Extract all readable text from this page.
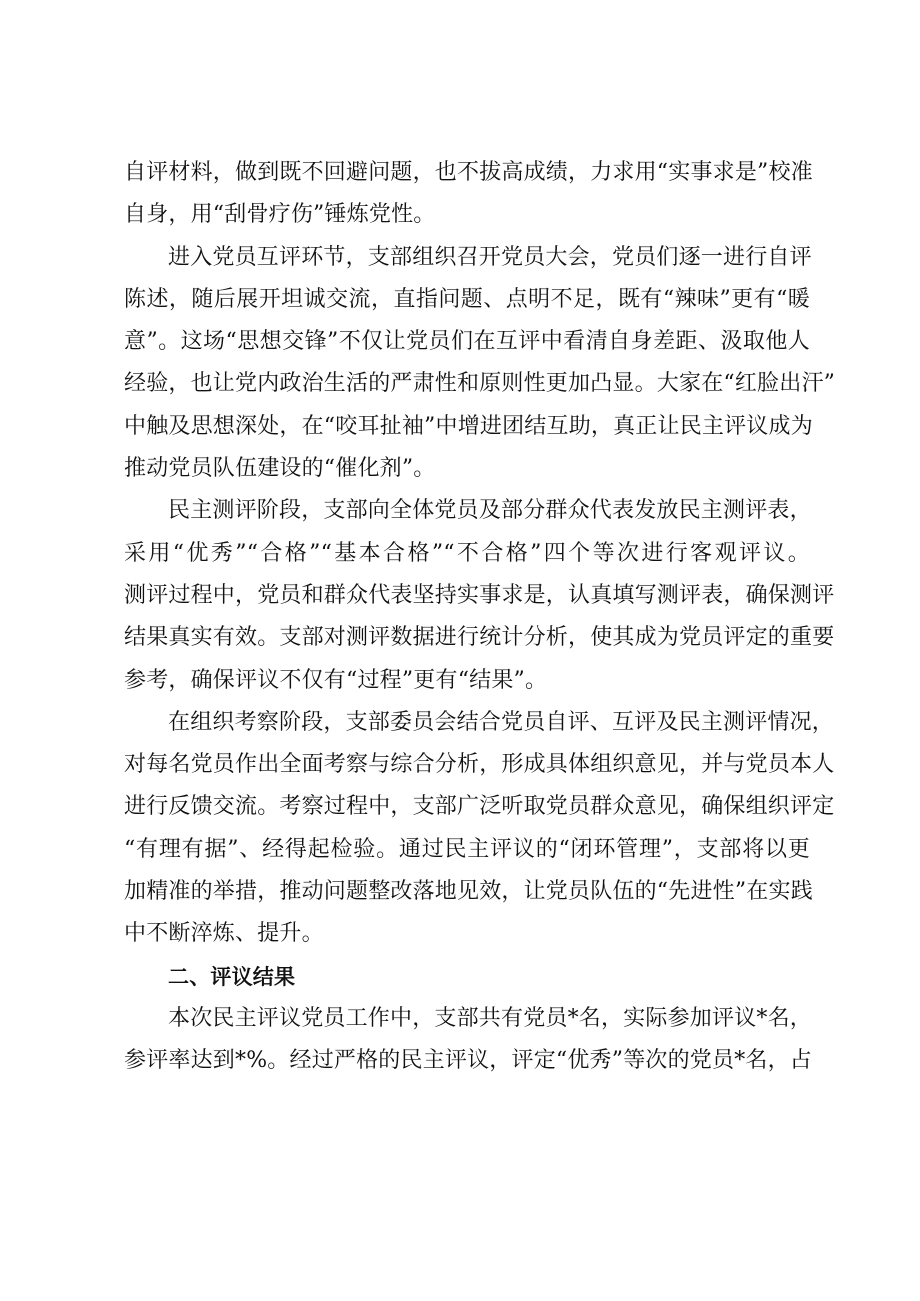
自评材料，做到既不回避问题，也不拔高成绩，力求用“实事求是”校准
自身，用“刮骨疗伤”锤炼党性。
进入党员互评环节，支部组织召开党员大会，党员们逐一进行自评
陈述，随后展开坦诚交流，直指问题、点明不足，既有“辣味”更有“暖
意”。这场“思想交锋”不仅让党员们在互评中看清自身差距、汲取他人
经验，也让党内政治生活的严肃性和原则性更加凸显。大家在“红脸出汗”
中触及思想深处，在“咬耳扯袖”中增进团结互助，真正让民主评议成为
推动党员队伍建设的“催化剂”。
民主测评阶段，支部向全体党员及部分群众代表发放民主测评表，
采用“优秀”“合格”“基本合格”“不合格”四个等次进行客观评议。
测评过程中，党员和群众代表坚持实事求是，认真填写测评表，确保测评
结果真实有效。支部对测评数据进行统计分析，使其成为党员评定的重要
参考，确保评议不仅有“过程”更有“结果”。
在组织考察阶段，支部委员会结合党员自评、互评及民主测评情况，
对每名党员作出全面考察与综合分析，形成具体组织意见，并与党员本人
进行反馈交流。考察过程中，支部广泛听取党员群众意见，确保组织评定
“有理有据”、经得起检验。通过民主评议的“闭环管理”，支部将以更
加精准的举措，推动问题整改落地见效，让党员队伍的“先进性”在实践
中不断淬炼、提升。
二、评议结果
本次民主评议党员工作中，支部共有党员*名，实际参加评议*名，
参评率达到*%。经过严格的民主评议，评定“优秀”等次的党员*名，占
